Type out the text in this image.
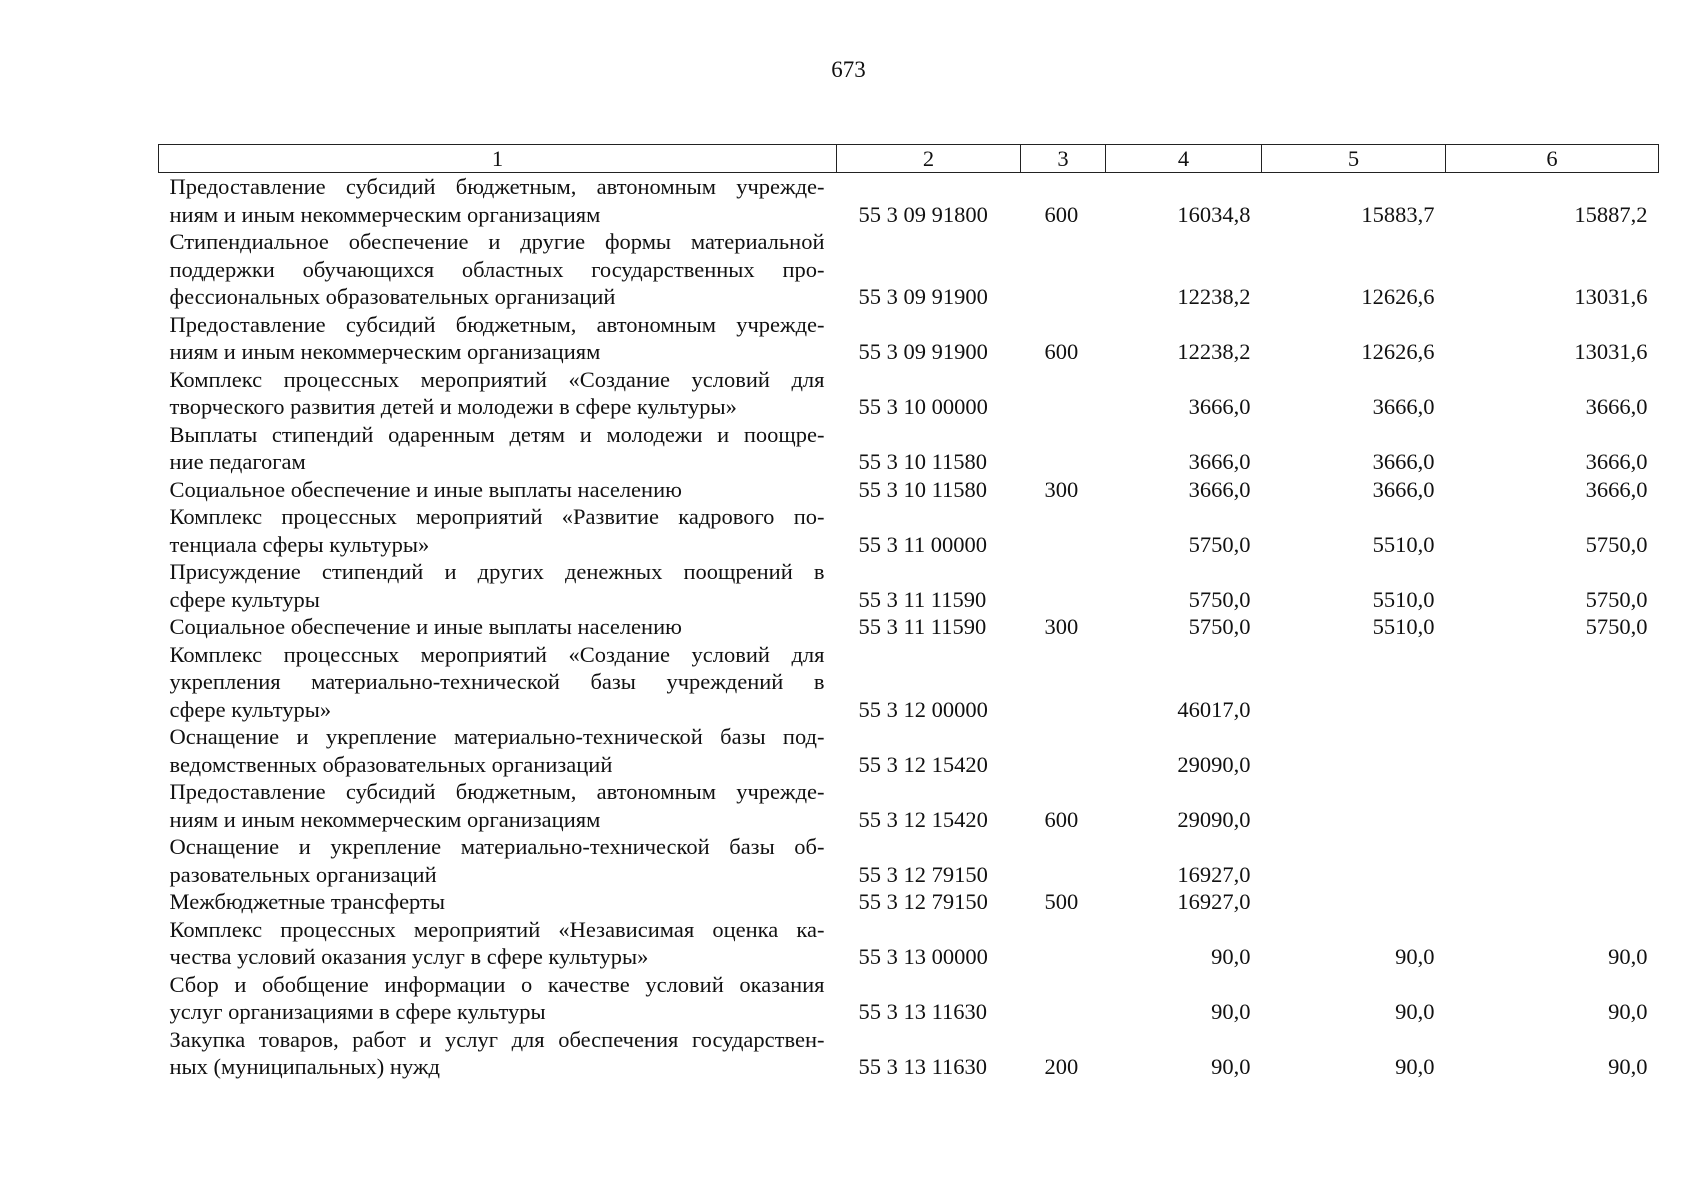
673
1	2	3	4	5	6

Предоставление субсидий бюджетным, автономным учрежде-
ниям и иным некоммерческим организациям	55 3 09 91800	600	16034,8	15883,7	15887,2

Стипендиальное обеспечение и другие формы материальной
поддержки обучающихся областных государственных про-
фессиональных образовательных организаций	55 3 09 91900		12238,2	12626,6	13031,6

Предоставление субсидий бюджетным, автономным учрежде-
ниям и иным некоммерческим организациям	55 3 09 91900	600	12238,2	12626,6	13031,6

Комплекс процессных мероприятий «Создание условий для
творческого развития детей и молодежи в сфере культуры»	55 3 10 00000		3666,0	3666,0	3666,0

Выплаты стипендий одаренным детям и молодежи и поощре-
ние педагогам	55 3 10 11580		3666,0	3666,0	3666,0

Социальное обеспечение и иные выплаты населению	55 3 10 11580	300	3666,0	3666,0	3666,0

Комплекс процессных мероприятий «Развитие кадрового по-
тенциала сферы культуры»	55 3 11 00000		5750,0	5510,0	5750,0

Присуждение стипендий и других денежных поощрений в
сфере культуры	55 3 11 11590		5750,0	5510,0	5750,0

Социальное обеспечение и иные выплаты населению	55 3 11 11590	300	5750,0	5510,0	5750,0

Комплекс процессных мероприятий «Создание условий для
укрепления материально-технической базы учреждений в
сфере культуры»	55 3 12 00000		46017,0		

Оснащение и укрепление материально-технической базы под-
ведомственных образовательных организаций	55 3 12 15420		29090,0		

Предоставление субсидий бюджетным, автономным учрежде-
ниям и иным некоммерческим организациям	55 3 12 15420	600	29090,0		

Оснащение и укрепление материально-технической базы об-
разовательных организаций	55 3 12 79150		16927,0		

Межбюджетные трансферты	55 3 12 79150	500	16927,0		

Комплекс процессных мероприятий «Независимая оценка ка-
чества условий оказания услуг в сфере культуры»	55 3 13 00000		90,0	90,0	90,0

Сбор и обобщение информации о качестве условий оказания
услуг организациями в сфере культуры	55 3 13 11630		90,0	90,0	90,0

Закупка товаров, работ и услуг для обеспечения государствен-
ных (муниципальных) нужд	55 3 13 11630	200	90,0	90,0	90,0
